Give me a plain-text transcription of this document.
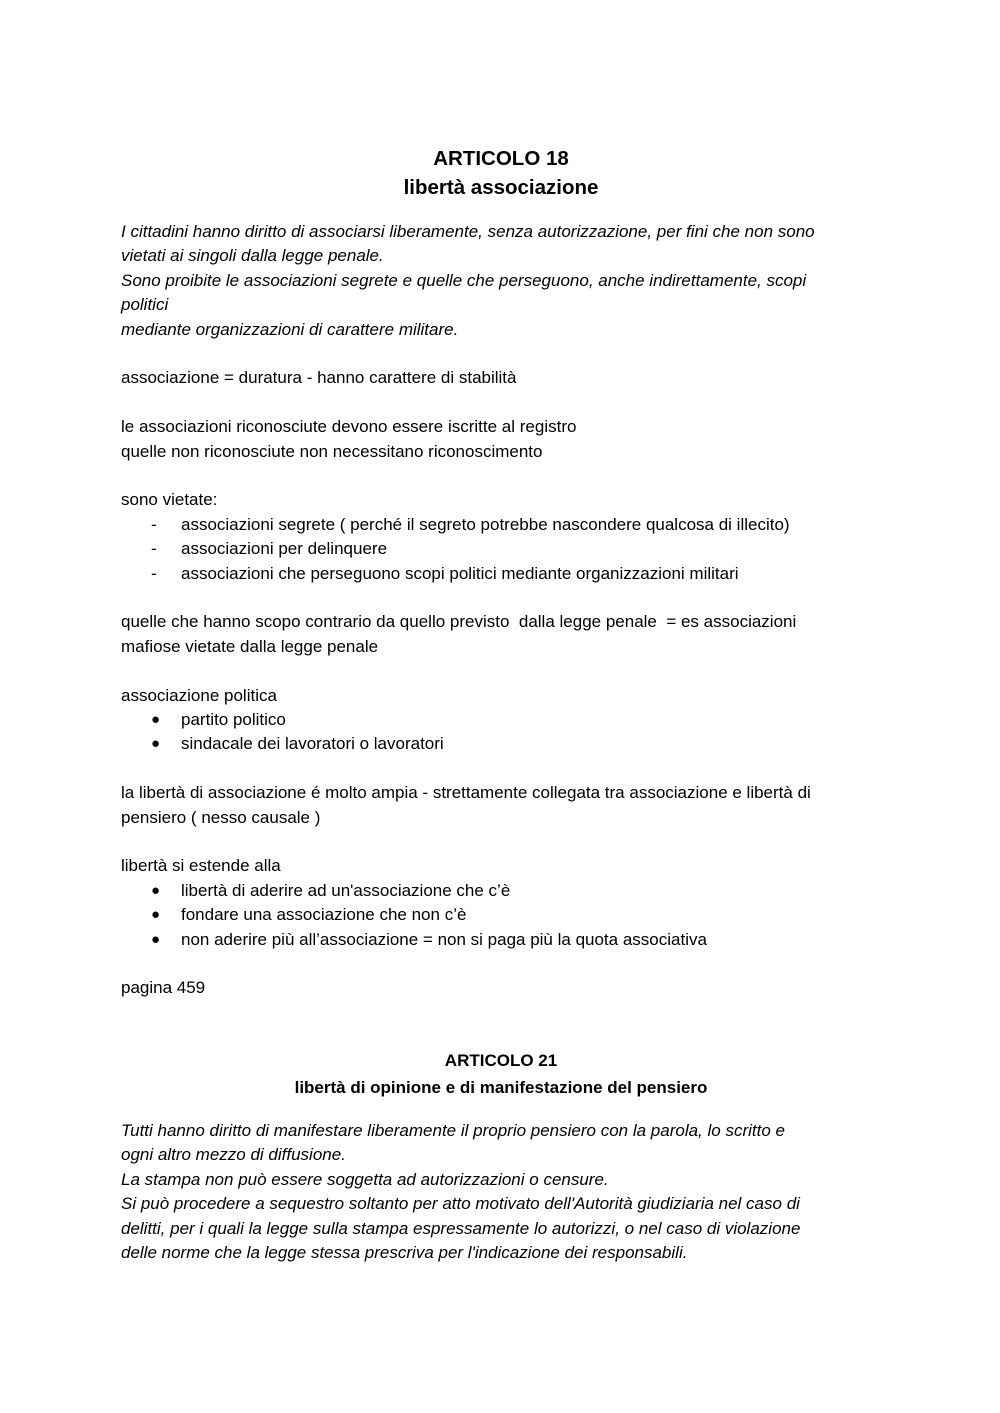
ARTICOLO 18

libertà associazione

I cittadini hanno diritto di associarsi liberamente, senza autorizzazione, per fini che non sono

vietati ai singoli dalla legge penale.

Sono proibite le associazioni segrete e quelle che perseguono, anche indirettamente, scopi

politici

mediante organizzazioni di carattere militare.

associazione = duratura - hanno carattere di stabilità

le associazioni riconosciute devono essere iscritte al registro

quelle non riconosciute non necessitano riconoscimento

sono vietate:

-	associazioni segrete ( perché il segreto potrebbe nascondere qualcosa di illecito)
-	associazioni per delinquere
-	associazioni che perseguono scopi politici mediante organizzazioni militari

quelle che hanno scopo contrario da quello previsto  dalla legge penale  = es associazioni

mafiose vietate dalla legge penale

associazione politica

●	partito politico
●	sindacale dei lavoratori o lavoratori

la libertà di associazione é molto ampia - strettamente collegata tra associazione e libertà di

pensiero ( nesso causale )

libertà si estende alla

●	libertà di aderire ad un'associazione che c’è
●	fondare una associazione che non c’è
●	non aderire più all’associazione = non si paga più la quota associativa

pagina 459

ARTICOLO 21

libertà di opinione e di manifestazione del pensiero

Tutti hanno diritto di manifestare liberamente il proprio pensiero con la parola, lo scritto e

ogni altro mezzo di diffusione.

La stampa non può essere soggetta ad autorizzazioni o censure.

Si può procedere a sequestro soltanto per atto motivato dell'Autorità giudiziaria nel caso di

delitti, per i quali la legge sulla stampa espressamente lo autorizzi, o nel caso di violazione

delle norme che la legge stessa prescriva per l'indicazione dei responsabili.
